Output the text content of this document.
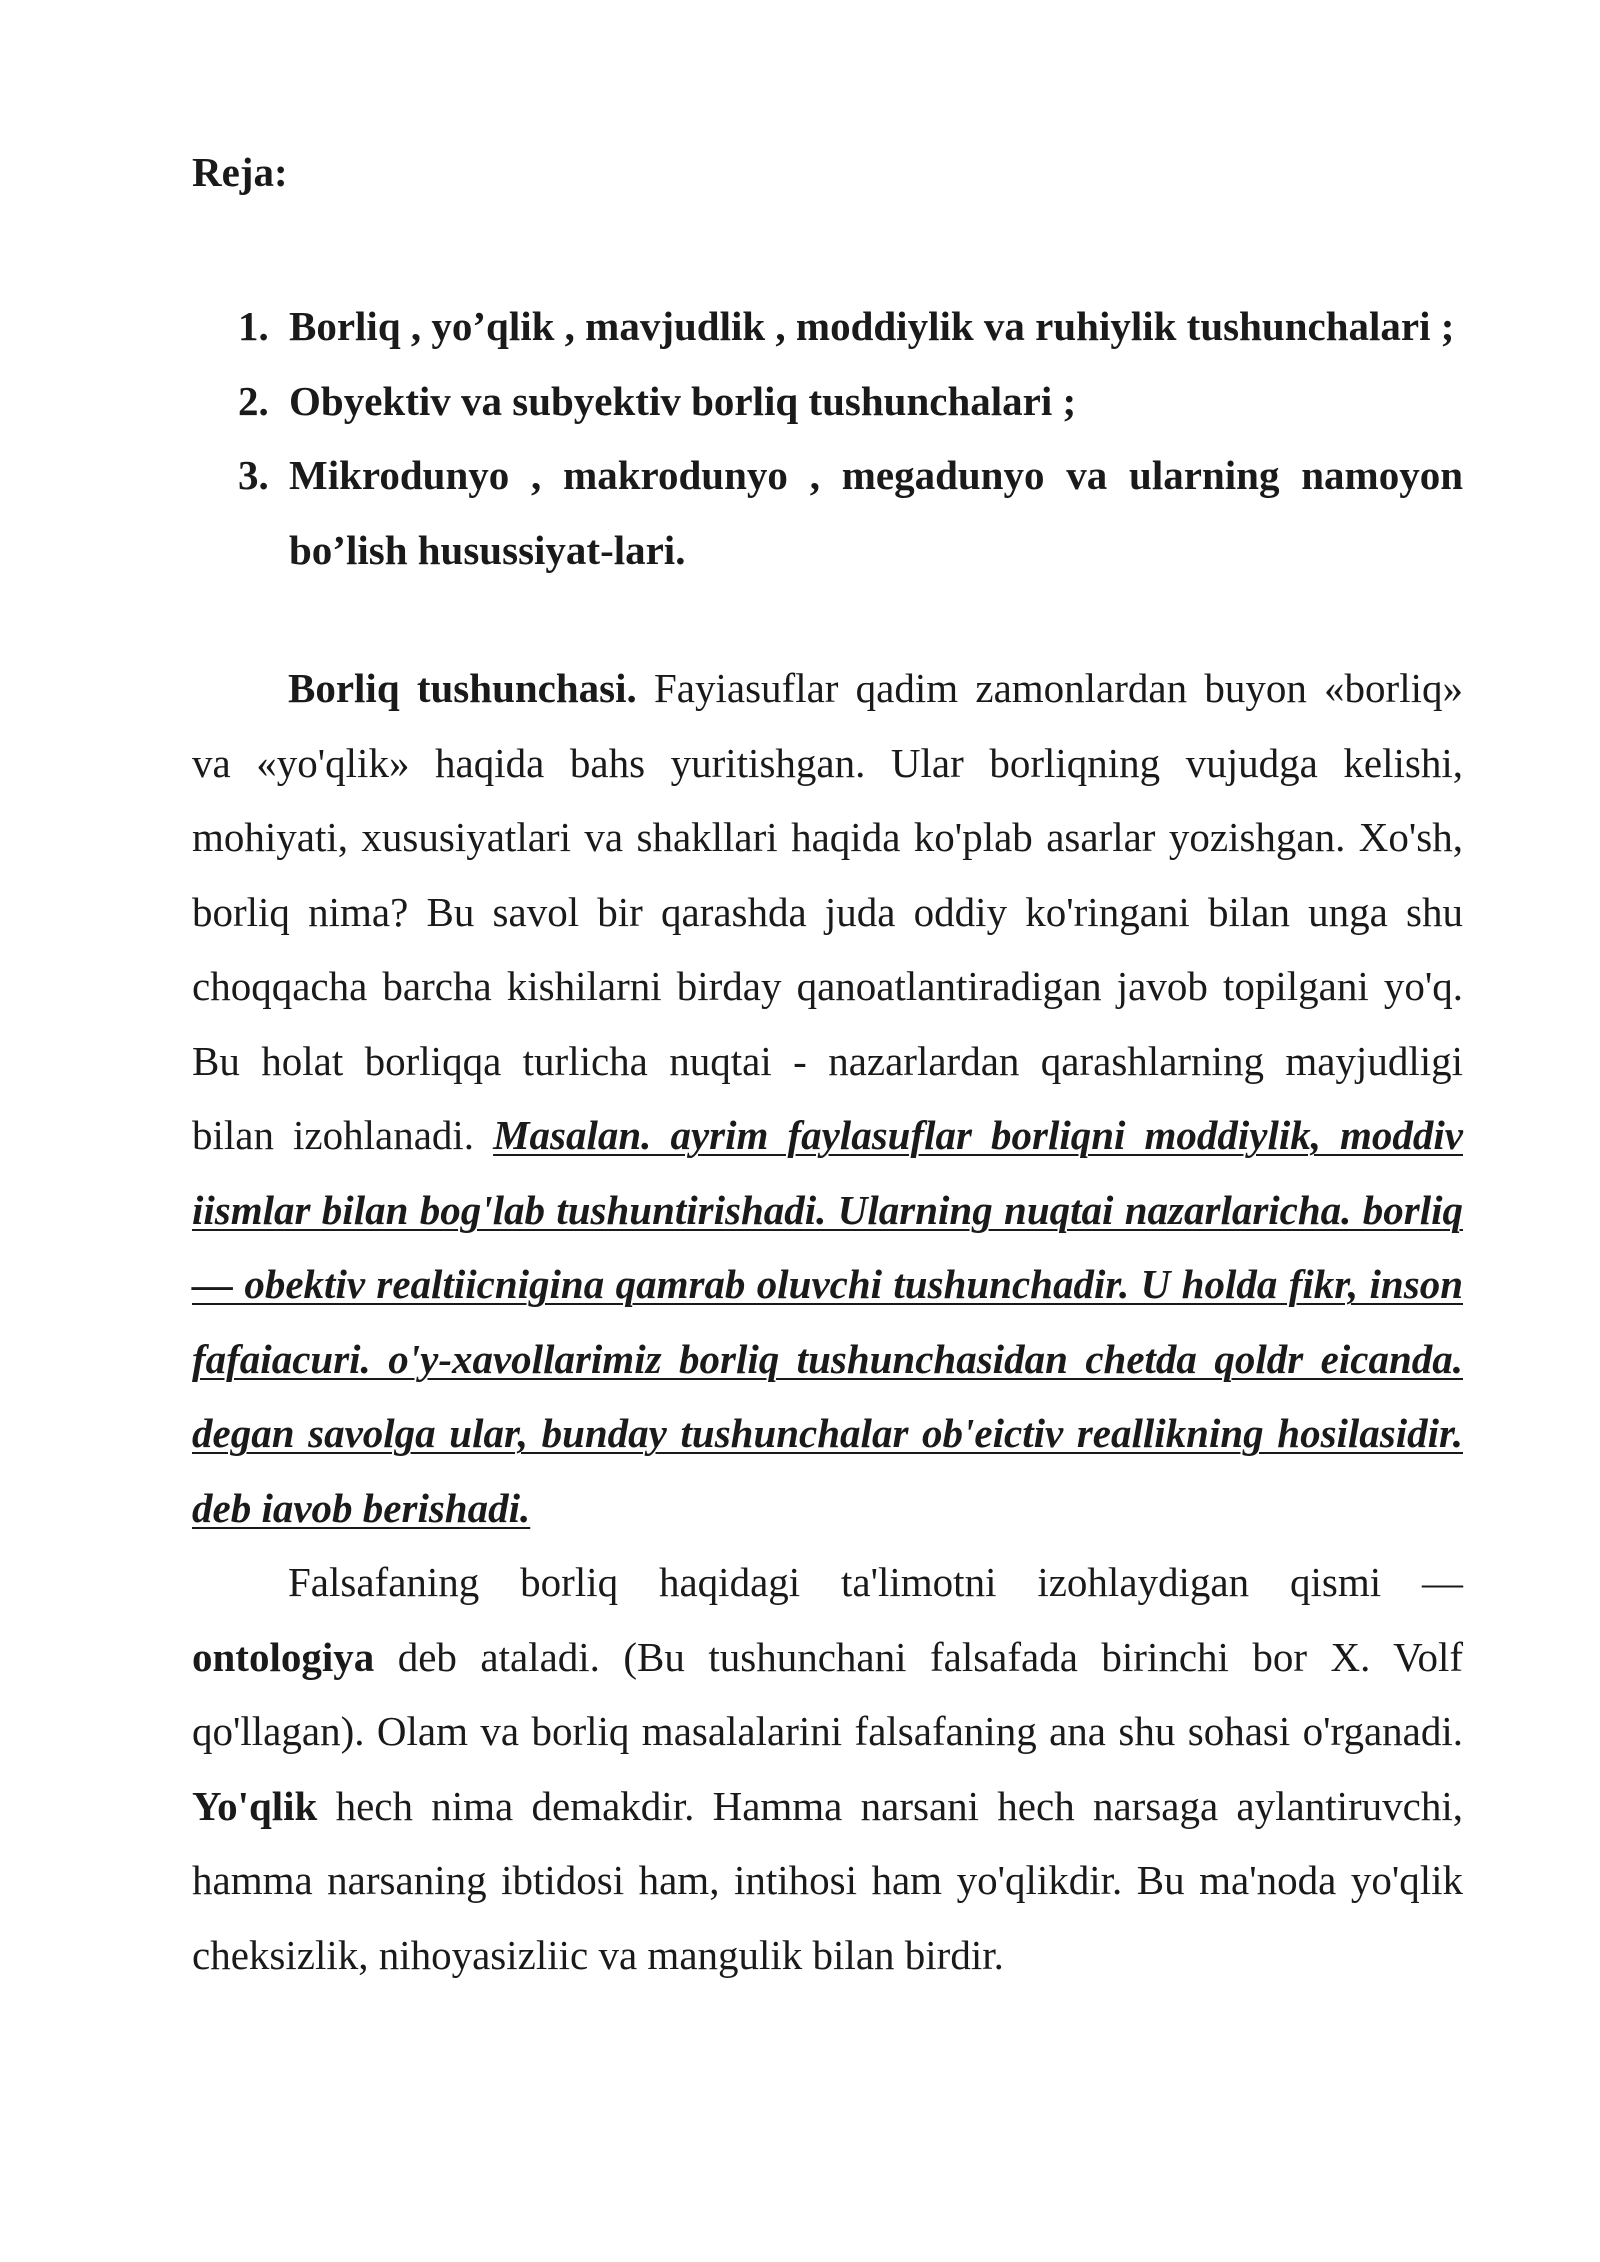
Reja:
1. Borliq , yo’qlik , mavjudlik , moddiylik va ruhiylik tushunchalari ;
2. Obyektiv va subyektiv borliq tushunchalari ;
3. Mikrodunyo , makrodunyo , megadunyo va ularning namoyon bo’lish husussiyat-lari.

Borliq tushunchasi. Fayiasuflar qadim zamonlardan buyon «borliq» va «yo'qlik» haqida bahs yuritishgan. Ular borliqning vujudga kelishi, mohiyati, xususiyatlari va shakllari haqida ko'plab asarlar yozishgan. Xo'sh, borliq nima? Bu savol bir qarashda juda oddiy ko'ringani bilan unga shu choqqacha barcha kishilarni birday qanoatlantiradigan javob topilgani yo'q. Bu holat borliqqa turlicha nuqtai - nazarlardan qarashlarning mayjudligi bilan izohlanadi. Masalan. ayrim faylasuflar borliqni moddiylik, moddiv iismlar bilan bog'lab tushuntirishadi. Ularning nuqtai nazarlaricha. borliq — obektiv realtiicnigina qamrab oluvchi tushunchadir. U holda fikr, inson fafaiacuri. o'y-xavollarimiz borliq tushunchasidan chetda qoldr eicanda. degan savolga ular, bunday tushunchalar ob'eictiv reallikning hosilasidir. deb iavob berishadi.

Falsafaning borliq haqidagi ta'limotni izohlaydigan qismi — ontologiya deb ataladi. (Bu tushunchani falsafada birinchi bor X. Volf qo'llagan). Olam va borliq masalalarini falsafaning ana shu sohasi o'rganadi. Yo'qlik hech nima demakdir. Hamma narsani hech narsaga aylantiruvchi, hamma narsaning ibtidosi ham, intihosi ham yo'qlikdir. Bu ma'noda yo'qlik cheksizlik, nihoyasizliic va mangulik bilan birdir.
